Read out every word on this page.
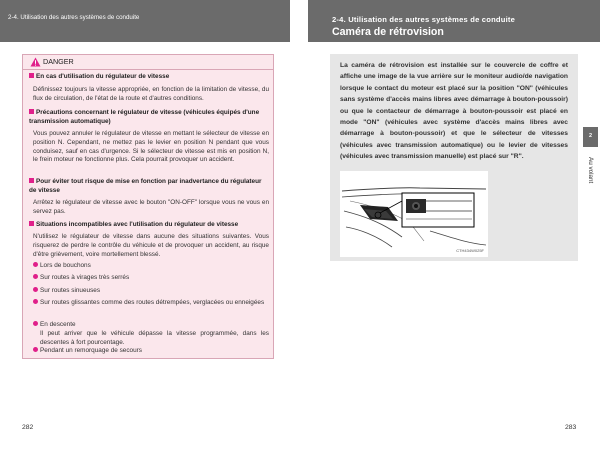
2-4. Utilisation des autres systèmes de conduite	2-4. Utilisation des autres systèmes de conduite
Caméra de rétrovision
DANGER
En cas d'utilisation du régulateur de vitesse
Définissez toujours la vitesse appropriée, en fonction de la limitation de vitesse, du flux de circulation, de l'état de la route et d'autres conditions.
Précautions concernant le régulateur de vitesse (véhicules équipés d'une transmission automatique)
Vous pouvez annuler le régulateur de vitesse en mettant le sélecteur de vitesse en position N. Cependant, ne mettez pas le levier en position N pendant que vous conduisez, sauf en cas d'urgence. Si le sélecteur de vitesse est mis en position N, le frein moteur ne fonctionne plus. Cela pourrait provoquer un accident.
Pour éviter tout risque de mise en fonction par inadvertance du régulateur de vitesse
Arrêtez le régulateur de vitesse avec le bouton "ON-OFF" lorsque vous ne vous en servez pas.
Situations incompatibles avec l'utilisation du régulateur de vitesse
N'utilisez le régulateur de vitesse dans aucune des situations suivantes. Vous risquerez de perdre le contrôle du véhicule et de provoquer un accident, au risque d'être grièvement, voire mortellement blessé.
Lors de bouchons
Sur routes à virages très serrés
Sur routes sinueuses
Sur routes glissantes comme des routes détrempées, verglacées ou enneigées
En descente
Il peut arriver que le véhicule dépasse la vitesse programmée, dans les descentes à fort pourcentage.
Pendant un remorquage de secours
La caméra de rétrovision est installée sur le couvercle de coffre et affiche une image de la vue arrière sur le moniteur audio/de navigation lorsque le contact du moteur est placé sur la position "ON" (véhicules sans système d'accès mains libres avec démarrage à bouton-poussoir) ou que le contacteur de démarrage à bouton-poussoir est placé en mode "ON" (véhicules avec système d'accès mains libres avec démarrage à bouton-poussoir) et que le sélecteur de vitesses (véhicules avec transmission automatique) ou le levier de vitesses (véhicules avec transmission manuelle) est placé sur "R".
CTH434W025F
2
Au volant
282	283
